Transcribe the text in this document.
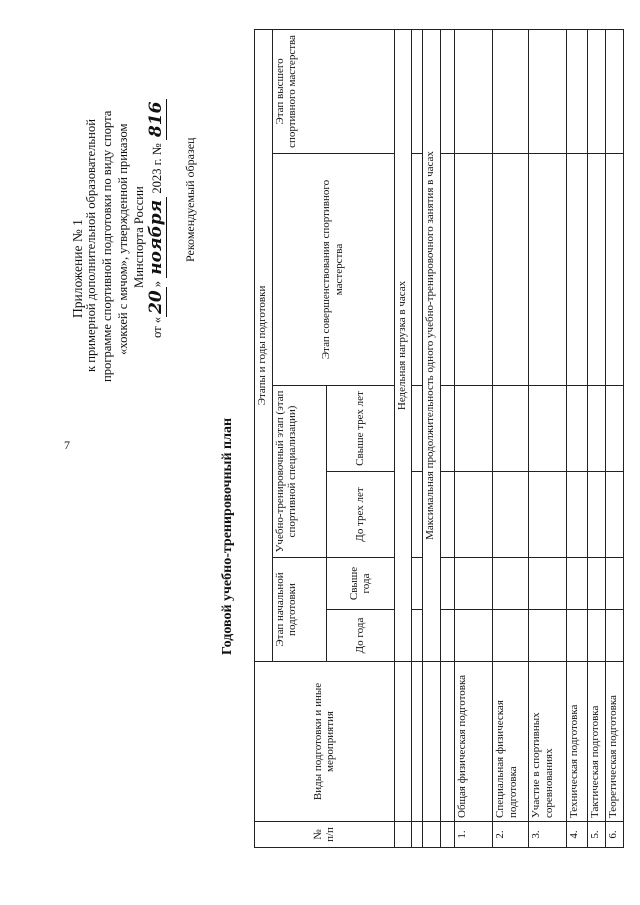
7
Приложение № 1 к примерной дополнительной образовательной программе спортивной подготовки по виду спорта «хоккей с мячом», утвержденной приказом Минспорта России
от «20» ноября 2023 г. № 816
Рекомендуемый образец
Годовой учебно-тренировочный план
№ п/п	Виды подготовки и иные мероприятия	Этапы и годы подготовки					
		Этап начальной подготовки		Учебно-тренировочный этап (этап спортивной специализации)		Этап совершенствования спортивного мастерства	Этап высшего спортивного мастерства
		До года	Свыше года	До трех лет	Свыше трех лет		
		Недельная нагрузка в часах					

		Максимальная продолжительность одного учебно-тренировочного занятия в часах					

1.	Общая физическая подготовка						
2.	Специальная физическая подготовка						
3.	Участие в спортивных соревнованиях						
4.	Техническая подготовка						
5.	Тактическая подготовка						
6.	Теоретическая подготовка						
